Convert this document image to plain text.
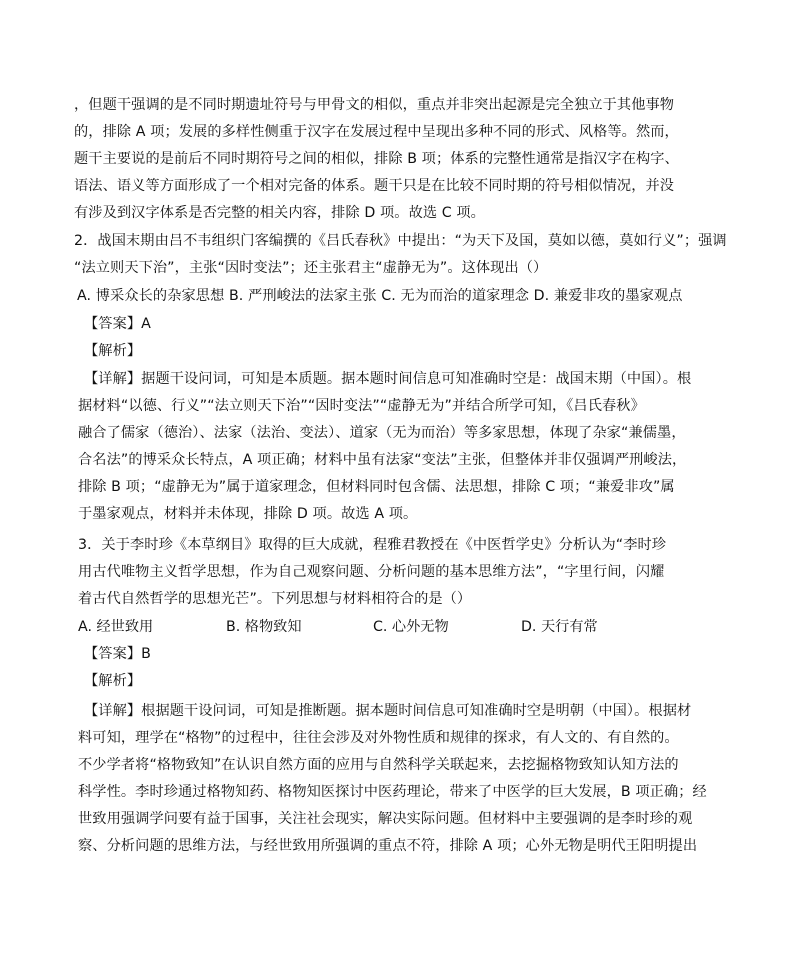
，但题干强调的是不同时期遗址符号与甲骨文的相似，重点并非突出起源是完全独立于其他事物
的，排除 A 项；发展的多样性侧重于汉字在发展过程中呈现出多种不同的形式、风格等。然而，
题干主要说的是前后不同时期符号之间的相似，排除 B 项；体系的完整性通常是指汉字在构字、
语法、语义等方面形成了一个相对完备的体系。题干只是在比较不同时期的符号相似情况，并没
有涉及到汉字体系是否完整的相关内容，排除 D 项。故选 C 项。
2．战国末期由吕不韦组织门客编撰的《吕氏春秋》中提出：“为天下及国，莫如以德，莫如行义”；强调
“法立则天下治”，主张“因时变法”；还主张君主“虚静无为”。这体现出（）
A. 博采众长的杂家思想 B. 严刑峻法的法家主张 C. 无为而治的道家理念 D. 兼爱非攻的墨家观点
【答案】A
【解析】
【详解】据题干设问词，可知是本质题。据本题时间信息可知准确时空是：战国末期（中国）。根
据材料“以德、行义”“法立则天下治”“因时变法”“虚静无为”并结合所学可知，《吕氏春秋》
融合了儒家（德治）、法家（法治、变法）、道家（无为而治）等多家思想，体现了杂家“兼儒墨，
合名法”的博采众长特点，A 项正确；材料中虽有法家“变法”主张，但整体并非仅强调严刑峻法，
排除 B 项；“虚静无为”属于道家理念，但材料同时包含儒、法思想，排除 C 项；“兼爱非攻”属
于墨家观点，材料并未体现，排除 D 项。故选 A 项。
3．关于李时珍《本草纲目》取得的巨大成就，程雅君教授在《中医哲学史》分析认为“李时珍
用古代唯物主义哲学思想，作为自己观察问题、分析问题的基本思维方法”，“字里行间，闪耀
着古代自然哲学的思想光芒”。下列思想与材料相符合的是（）
A. 经世致用	B. 格物致知	C. 心外无物	D. 天行有常
【答案】B
【解析】
【详解】根据题干设问词，可知是推断题。据本题时间信息可知准确时空是明朝（中国）。根据材
料可知，理学在“格物”的过程中，往往会涉及对外物性质和规律的探求，有人文的、有自然的。
不少学者将“格物致知”在认识自然方面的应用与自然科学关联起来，去挖掘格物致知认知方法的
科学性。李时珍通过格物知药、格物知医探讨中医药理论，带来了中医学的巨大发展，B 项正确；经
世致用强调学问要有益于国事，关注社会现实，解决实际问题。但材料中主要强调的是李时珍的观
察、分析问题的思维方法，与经世致用所强调的重点不符，排除 A 项；心外无物是明代王阳明提出
